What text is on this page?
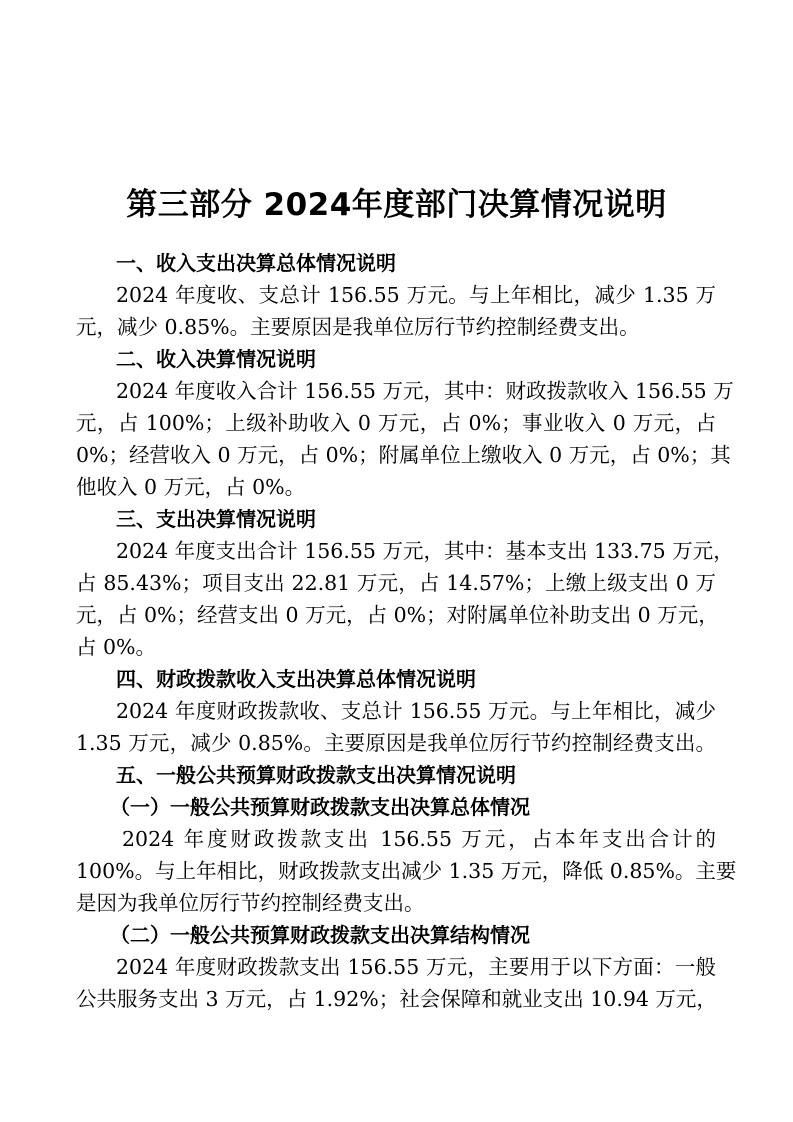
第三部分 2024年度部门决算情况说明

一、收入支出决算总体情况说明

2024 年度收、支总计 156.55 万元。与上年相比，减少 1.35 万

元，减少 0.85%。主要原因是我单位厉行节约控制经费支出。

二、收入决算情况说明

2024 年度收入合计 156.55 万元，其中：财政拨款收入 156.55 万

元，占 100%；上级补助收入 0 万元，占 0%；事业收入 0 万元，占

0%；经营收入 0 万元，占 0%；附属单位上缴收入 0 万元，占 0%；其

他收入 0 万元，占 0%。

三、支出决算情况说明

2024 年度支出合计 156.55 万元，其中：基本支出 133.75 万元，

占 85.43%；项目支出 22.81 万元，占 14.57%；上缴上级支出 0 万

元，占 0%；经营支出 0 万元，占 0%；对附属单位补助支出 0 万元，

占 0%。

四、财政拨款收入支出决算总体情况说明

2024 年度财政拨款收、支总计 156.55 万元。与上年相比，减少

1.35 万元，减少 0.85%。主要原因是我单位厉行节约控制经费支出。

五、一般公共预算财政拨款支出决算情况说明

（一）一般公共预算财政拨款支出决算总体情况

2024 年度财政拨款支出 156.55 万元，占本年支出合计的

100%。与上年相比，财政拨款支出减少 1.35 万元，降低 0.85%。主要

是因为我单位厉行节约控制经费支出。

（二）一般公共预算财政拨款支出决算结构情况

2024 年度财政拨款支出 156.55 万元，主要用于以下方面：一般

公共服务支出 3 万元，占 1.92%；社会保障和就业支出 10.94 万元，
